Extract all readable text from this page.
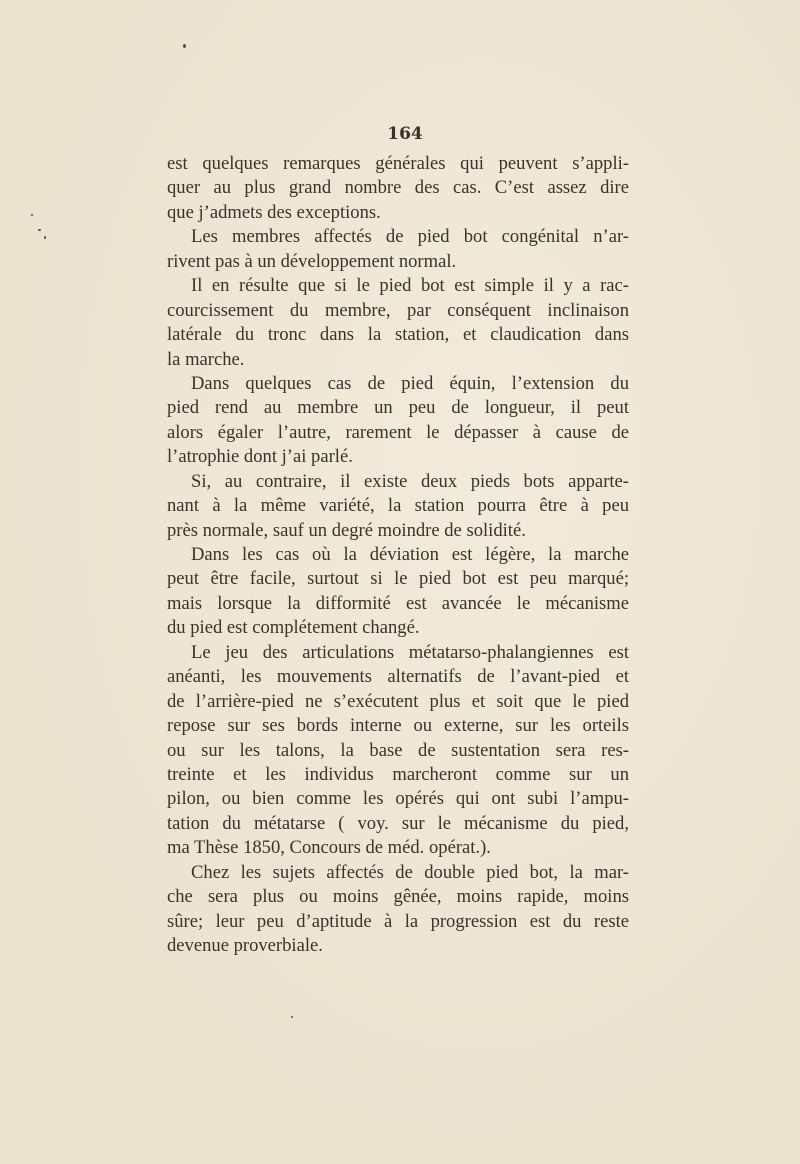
164
est quelques remarques générales qui peuvent s’appli-
quer au plus grand nombre des cas. C’est assez dire
que j’admets des exceptions.
Les membres affectés de pied bot congénital n’ar-
rivent pas à un développement normal.
Il en résulte que si le pied bot est simple il y a rac-
courcissement du membre, par conséquent inclinaison
latérale du tronc dans la station, et claudication dans
la marche.
Dans quelques cas de pied équin, l’extension du
pied rend au membre un peu de longueur, il peut
alors égaler l’autre, rarement le dépasser à cause de
l’atrophie dont j’ai parlé.
Si, au contraire, il existe deux pieds bots apparte-
nant à la même variété, la station pourra être à peu
près normale, sauf un degré moindre de solidité.
Dans les cas où la déviation est légère, la marche
peut être facile, surtout si le pied bot est peu marqué;
mais lorsque la difformité est avancée le mécanisme
du pied est complétement changé.
Le jeu des articulations métatarso-phalangiennes est
anéanti, les mouvements alternatifs de l’avant-pied et
de l’arrière-pied ne s’exécutent plus et soit que le pied
repose sur ses bords interne ou externe, sur les orteils
ou sur les talons, la base de sustentation sera res-
treinte et les individus marcheront comme sur un
pilon, ou bien comme les opérés qui ont subi l’ampu-
tation du métatarse ( voy. sur le mécanisme du pied,
ma Thèse 1850, Concours de méd. opérat.).
Chez les sujets affectés de double pied bot, la mar-
che sera plus ou moins gênée, moins rapide, moins
sûre; leur peu d’aptitude à la progression est du reste
devenue proverbiale.
